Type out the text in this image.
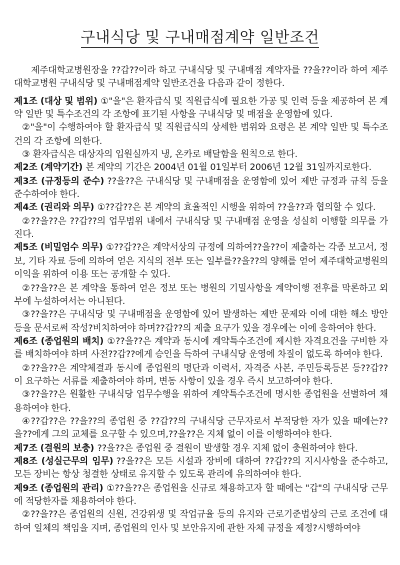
구내식당 및 구내매점계약 일반조건

제주대학교병원장을 ??갑??이라 하고 구내식당 및 구내매점 계약자를 ??을??이라 하여 제주대학교병원 구내식당 및 구내매점계약 일반조건을 다음과 같이 정한다.

제1조 (대상 및 범위) ①"을"은 환자급식 및 직원급식에 필요한 가공 및 인력 등을 제공하여 본 계약 일반 및 특수조건의 각 조항에 표기된 사항을 구내식당 및 매점을 운영함에 있다.

②"을"이 수행하여야 할 환자급식 및 직원급식의 상세한 범위와 요령은 본 계약 일반 및 특수조건의 각 조항에 의한다.

③ 환자급식은 대상자의 입원실까지 냉, 온카로 배달함을 원칙으로 한다.

제2조 (계약기간) 본 계약의 기간은 2004년 01월 01일부터 2006년 12월 31일까지로한다.

제3조 (규정등의 준수) ??을??은 구내식당 및 구내매점을 운영함에 있어 제반 규정과 규칙 등을 준수하여야 한다.

제4조 (권리와 의무) ①??갑??은 본 계약의 효율적인 시행을 위하여 ??을??과 협의할 수 있다.

②??을??은 ??갑??의 업무범위 내에서 구내식당 및 구내매점 운영을 성실히 이행할 의무를 가진다.

제5조 (비밀엄수 의무) ①??갑??은 계약서상의 규정에 의하여??을??이 제출하는 각종 보고서, 정보, 기타 자료 등에 의하여 얻은 지식의 전부 또는 일부를??을??의 양해를 얻어 제주대학교병원의 이익을 위하여 이용 또는 공개할 수 있다.

②??을??은 본 계약을 통하여 얻은 정보 또는 병원의 기밀사항을 계약이행 전후를 막론하고 외부에 누설하여서는 아니된다.

③??을??은 구내식당 및 구내매점을 운영함에 있어 발생하는 제반 문제와 이에 대한 해소 방안 등을 문서로써 작성?비치하여야 하며??갑??의 제출 요구가 있을 경우에는 이에 응하여야 한다.

제6조 (종업원의 배치) ①??을??은 계약과 동시에 계약특수조건에 제시한 자격요건을 구비한 자를 배치하여야 하며 사전??갑??에게 승인을 득하여 구내식당 운영에 차질이 없도록 하여야 한다.

②??을??은 계약체결과 동시에 종업원의 명단과 이력서, 자격증 사본, 주민등록등본 등??갑??이 요구하는 서류를 제출하여야 하며, 변동 사항이 있을 경우 즉시 보고하여야 한다.

③??을??은 원활한 구내식당 업무수행을 위하여 계약특수조건에 명시한 종업원을 선별하여 채용하여야 한다.

④??갑??은 ??을??의 종업원 중 ??갑??의 구내식당 근무자로서 부적당한 자가 있을 때에는??을??에게 그의 교체를 요구할 수 있으며,??을??은 지체 없이 이를 이행하여야 한다.

제7조 (결원의 보충) ??을??은 종업원 중 결원이 발생할 경우 지체 없이 충원하여야 한다.

제8조 (성실근무의 임무) ??을??은 모든 시설과 장비에 대하여 ??갑??의 지시사항을 준수하고, 모든 장비는 항상 청결한 상태로 유지할 수 있도록 관리에 유의하여야 한다.

제9조 (종업원의 관리) ①??을??은 종업원을 신규로 채용하고자 할 때에는 "갑"의 구내식당 근무에 적당한자를 채용하여야 한다.

②??을??은 종업원의 신원, 건강위생 및 작업규율 등의 유지와 근로기준법상의 근로 조건에 대하여 일체의 책임을 지며, 종업원의 인사 및 보안유지에 관한 자체 규정을 제정?시행하여야
